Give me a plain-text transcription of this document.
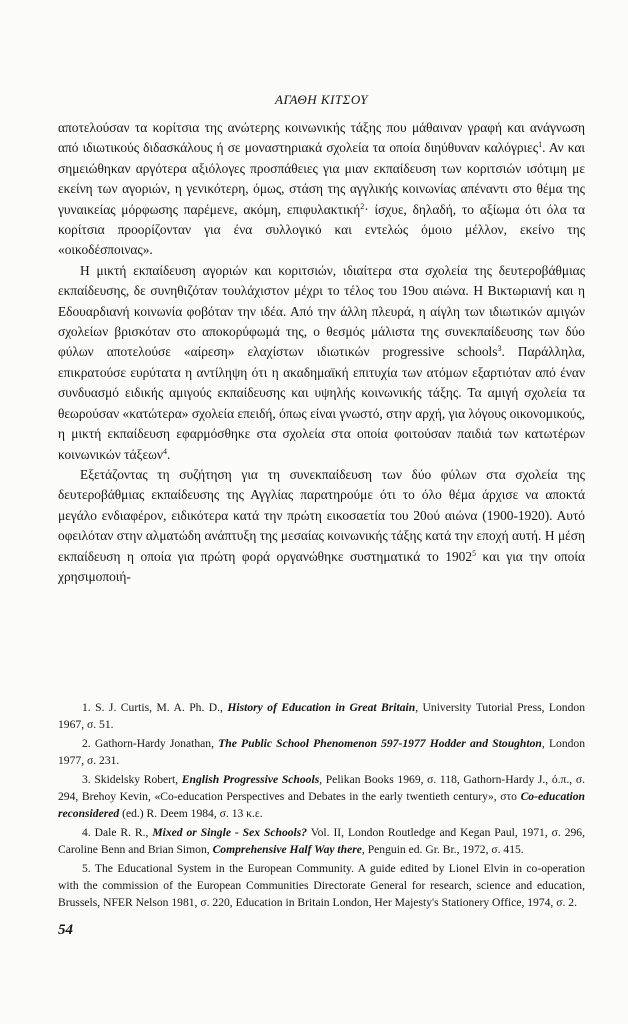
ΑΓΑΘΗ ΚΙΤΣΟΥ

αποτελούσαν τα κορίτσια της ανώτερης κοινωνικής τάξης που μάθαιναν γραφή και ανάγνωση από ιδιωτικούς διδασκάλους ή σε μοναστηριακά σχολεία τα οποία διηύθυναν καλόγριες$^1$. Αν και σημειώθηκαν αργότερα αξιόλογες προσπάθειες για μιαν εκπαίδευση των κοριτσιών ισότιμη με εκείνη των αγοριών, η γενικότερη, όμως, στάση της αγγλικής κοινωνίας απέναντι στο θέμα της γυναικείας μόρφωσης παρέμενε, ακόμη, επιφυλακτική$^2$· ίσχυε, δηλαδή, το αξίωμα ότι όλα τα κορίτσια προορίζονταν για ένα συλλογικό και εντελώς όμοιο μέλλον, εκείνο της «οικοδέσποινας».

Η μικτή εκπαίδευση αγοριών και κοριτσιών, ιδιαίτερα στα σχολεία της δευτεροβάθμιας εκπαίδευσης, δε συνηθιζόταν τουλάχιστον μέχρι το τέλος του 19ου αιώνα. Η Βικτωριανή και η Εδουαρδιανή κοινωνία φοβόταν την ιδέα. Από την άλλη πλευρά, η αίγλη των ιδιωτικών αμιγών σχολείων βρισκόταν στο αποκορύφωμά της, ο θεσμός μάλιστα της συνεκπαίδευσης των δύο φύλων αποτελούσε «αίρεση» ελαχίστων ιδιωτικών progressive schools$^3$. Παράλληλα, επικρατούσε ευρύτατα η αντίληψη ότι η ακαδημαϊκή επιτυχία των ατόμων εξαρτιόταν από έναν συνδυασμό ειδικής αμιγούς εκπαίδευσης και υψηλής κοινωνικής τάξης. Τα αμιγή σχολεία τα θεωρούσαν «κατώτερα» σχολεία επειδή, όπως είναι γνωστό, στην αρχή, για λόγους οικονομικούς, η μικτή εκπαίδευση εφαρμόσθηκε στα σχολεία στα οποία φοιτούσαν παιδιά των κατωτέρων κοινωνικών τάξεων$^4$.

Εξετάζοντας τη συζήτηση για τη συνεκπαίδευση των δύο φύλων στα σχολεία της δευτεροβάθμιας εκπαίδευσης της Αγγλίας παρατηρούμε ότι το όλο θέμα άρχισε να αποκτά μεγάλο ενδιαφέρον, ειδικότερα κατά την πρώτη εικοσαετία του 20ού αιώνα (1900-1920). Αυτό οφειλόταν στην αλματώδη ανάπτυξη της μεσαίας κοινωνικής τάξης κατά την εποχή αυτή. Η μέση εκπαίδευση η οποία για πρώτη φορά οργανώθηκε συστηματικά το 1902$^5$ και για την οποία χρησιμοποιή-

1. S. J. Curtis, M. A. Ph. D., History of Education in Great Britain, University Tutorial Press, London 1967, σ. 51.

2. Gathorn-Hardy Jonathan, The Public School Phenomenon 597-1977 Hodder and Stoughton, London 1977, σ. 231.

3. Skidelsky Robert, English Progressive Schools, Pelikan Books 1969, σ. 118, Gathorn-Hardy J., ό.π., σ. 294, Brehoy Kevin, «Co-education Perspectives and Debates in the early twentieth century», στο Co-education reconsidered (ed.) R. Deem 1984, σ. 13 κ.ε.

4. Dale R. R., Mixed or Single - Sex Schools? Vol. II, London Routledge and Kegan Paul, 1971, σ. 296, Caroline Benn and Brian Simon, Comprehensive Half Way there, Penguin ed. Gr. Br., 1972, σ. 415.

5. The Educational System in the European Community. A guide edited by Lionel Elvin in co-operation with the commission of the European Communities Directorate General for research, science and education, Brussels, NFER Nelson 1981, σ. 220, Education in Britain London, Her Majesty's Stationery Office, 1974, σ. 2.

54
